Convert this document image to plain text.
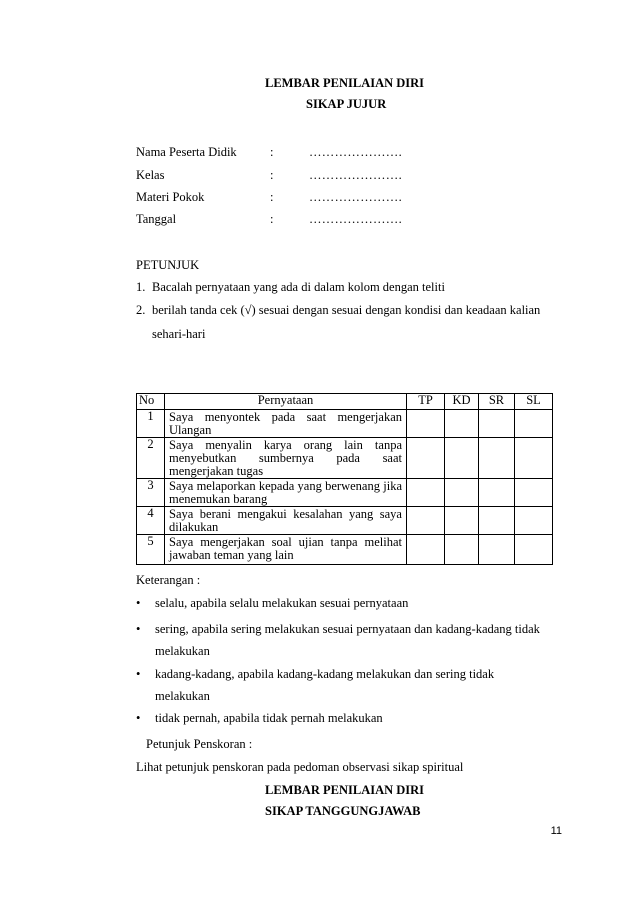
LEMBAR PENILAIAN DIRI
SIKAP JUJUR
Nama Peserta Didik	:	………………….
Kelas	:	………………….
Materi Pokok	:	………………….
Tanggal	:	………………….
PETUNJUK
1. Bacalah pernyataan yang ada di dalam kolom dengan teliti
2. berilah tanda cek (√) sesuai dengan sesuai dengan kondisi dan keadaan kalian
sehari-hari
No	Pernyataan	TP	KD	SR	SL
1	Saya menyontek pada saat mengerjakan Ulangan				
2	Saya menyalin karya orang lain tanpa menyebutkan sumbernya pada saat mengerjakan tugas				
3	Saya melaporkan kepada yang berwenang jika menemukan barang				
4	Saya berani mengakui kesalahan yang saya dilakukan				
5	Saya mengerjakan soal ujian tanpa melihat jawaban teman yang lain				
Keterangan :
• selalu, apabila selalu melakukan sesuai pernyataan
• sering, apabila sering melakukan sesuai pernyataan dan kadang-kadang tidak
melakukan
• kadang-kadang, apabila kadang-kadang melakukan dan sering tidak
melakukan
• tidak pernah, apabila tidak pernah melakukan
Petunjuk Penskoran :
Lihat petunjuk penskoran pada pedoman observasi sikap spiritual
LEMBAR PENILAIAN DIRI
SIKAP TANGGUNGJAWAB
11
